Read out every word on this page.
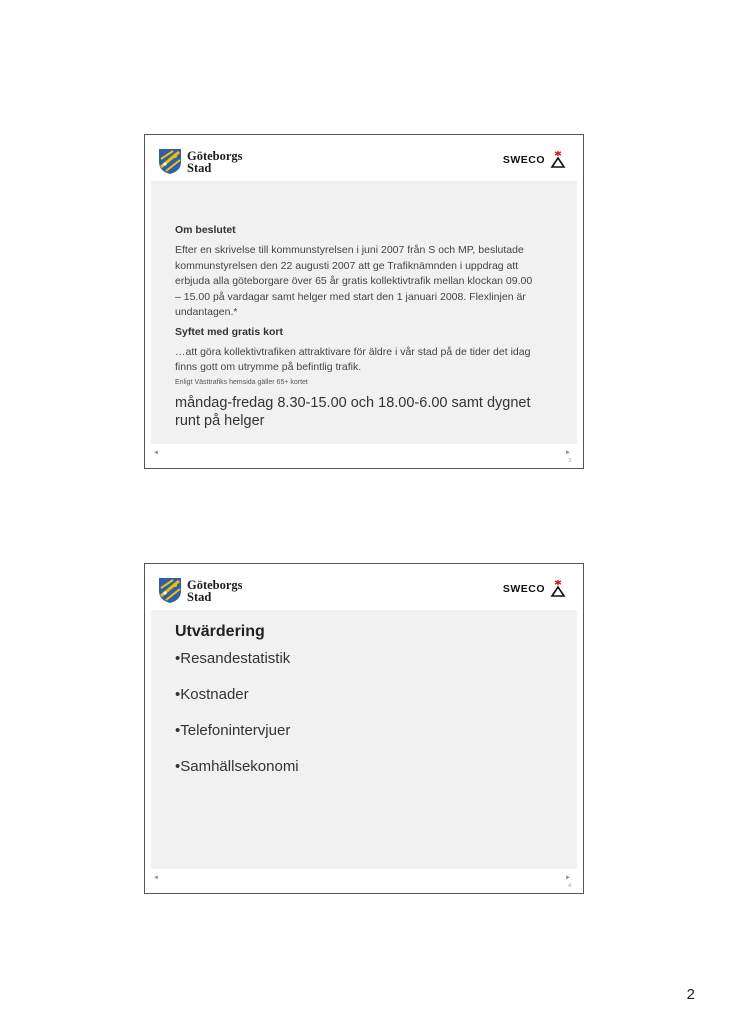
Göteborgs
Stad
SWECO

Om beslutet

Efter en skrivelse till kommunstyrelsen i juni 2007 från S och MP, beslutade

kommunstyrelsen den 22 augusti 2007 att ge Trafiknämnden i uppdrag att

erbjuda alla göteborgare över 65 år gratis kollektivtrafik mellan klockan 09.00

– 15.00 på vardagar samt helger med start den 1 januari 2008. Flexlinjen är

undantagen.*

Syftet med gratis kort

…att göra kollektivtrafiken attraktivare för äldre i vår stad på de tider det idag

finns gott om utrymme på befintlig trafik.

Enligt Västtrafiks hemsida gäller 65+ kortet

måndag-fredag 8.30-15.00 och 18.00-6.00 samt dygnet

runt på helger

◄	►
3
Göteborgs
Stad
SWECO

Utvärdering

•Resandestatistik

•Kostnader

•Telefonintervjuer

•Samhällsekonomi

◄	►
4
2
